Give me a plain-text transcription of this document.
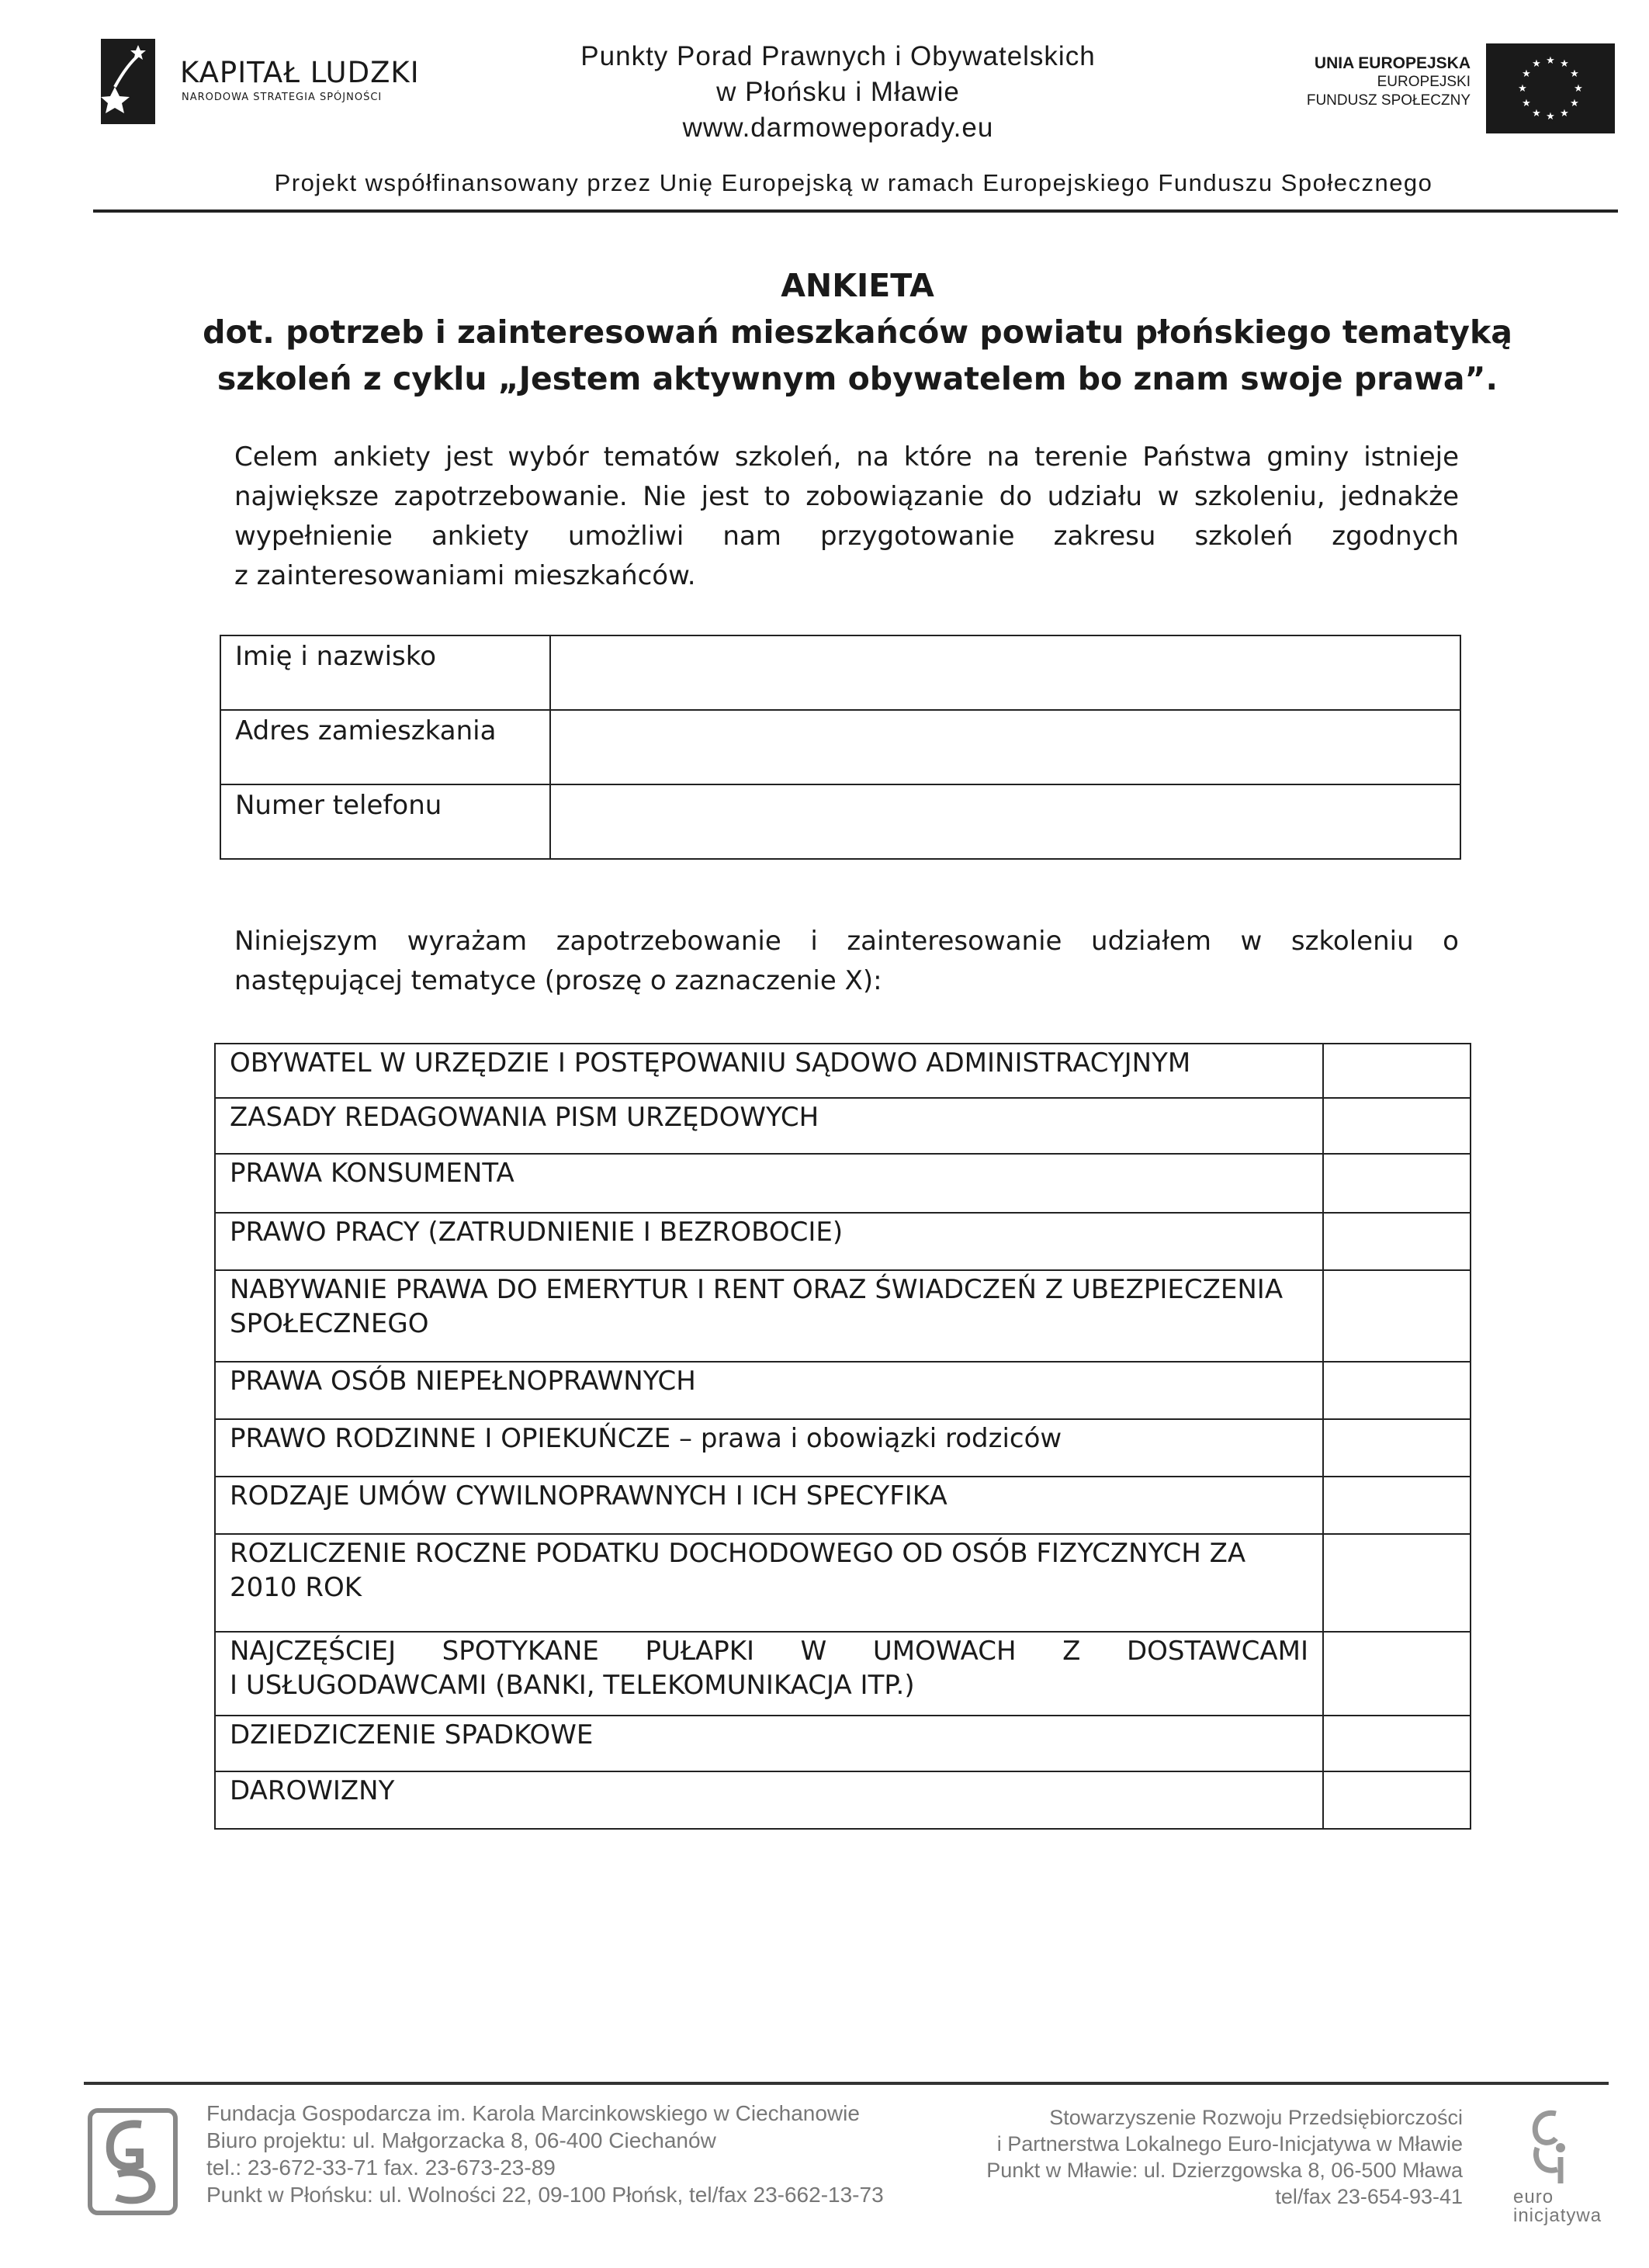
KAPITAŁ LUDZKI
NARODOWA STRATEGIA SPÓJNOŚCI
Punkty Porad Prawnych i Obywatelskich
w Płońsku i Mławie
www.darmoweporady.eu
UNIA EUROPEJSKA
EUROPEJSKI
FUNDUSZ SPOŁECZNY
★ ★
★
★
★
★
★
★
★
★
★
★
Projekt współfinansowany przez Unię Europejską w ramach Europejskiego Funduszu Społecznego
ANKIETA
dot. potrzeb i zainteresowań mieszkańców powiatu płońskiego tematyką
szkoleń z cyklu „Jestem aktywnym obywatelem bo znam swoje prawa”.
Celem ankiety jest wybór tematów szkoleń, na które na terenie Państwa gminy istnieje
największe zapotrzebowanie. Nie jest to zobowiązanie do udziału w szkoleniu, jednakże
wypełnienie ankiety umożliwi nam przygotowanie zakresu szkoleń zgodnych
z zainteresowaniami mieszkańców.
Imię i nazwisko	
Adres zamieszkania	
Numer telefonu	
Niniejszym wyrażam zapotrzebowanie i zainteresowanie udziałem w szkoleniu o
następującej tematyce (proszę o zaznaczenie X):
OBYWATEL W URZĘDZIE I POSTĘPOWANIU SĄDOWO ADMINISTRACYJNYM	
ZASADY REDAGOWANIA PISM URZĘDOWYCH	
PRAWA KONSUMENTA	
PRAWO PRACY (ZATRUDNIENIE I BEZROBOCIE)	
NABYWANIE PRAWA DO EMERYTUR I RENT ORAZ ŚWIADCZEŃ Z UBEZPIECZENIA SPOŁECZNEGO	
PRAWA OSÓB NIEPEŁNOPRAWNYCH	
PRAWO RODZINNE I OPIEKUŃCZE – prawa i obowiązki rodziców	
RODZAJE UMÓW CYWILNOPRAWNYCH I ICH SPECYFIKA	
ROZLICZENIE ROCZNE PODATKU DOCHODOWEGO OD OSÓB FIZYCZNYCH ZA 2010 ROK	

NAJCZĘŚCIEJ SPOTYKANE PUŁAPKI W UMOWACH Z DOSTAWCAMI
I USŁUGODAWCAMI (BANKI, TELEKOMUNIKACJA ITP.)	
DZIEDZICZENIE SPADKOWE	
DAROWIZNY	
Fundacja Gospodarcza im. Karola Marcinkowskiego w Ciechanowie
Biuro projektu: ul. Małgorzacka 8, 06-400 Ciechanów
tel.: 23-672-33-71 fax. 23-673-23-89
Punkt w Płońsku: ul. Wolności 22, 09-100 Płońsk, tel/fax 23-662-13-73
Stowarzyszenie Rozwoju Przedsiębiorczości
i Partnerstwa Lokalnego Euro-Inicjatywa w Mławie
Punkt w Mławie: ul. Dzierzgowska 8, 06-500 Mława
tel/fax 23-654-93-41	euro
inicjatywa
